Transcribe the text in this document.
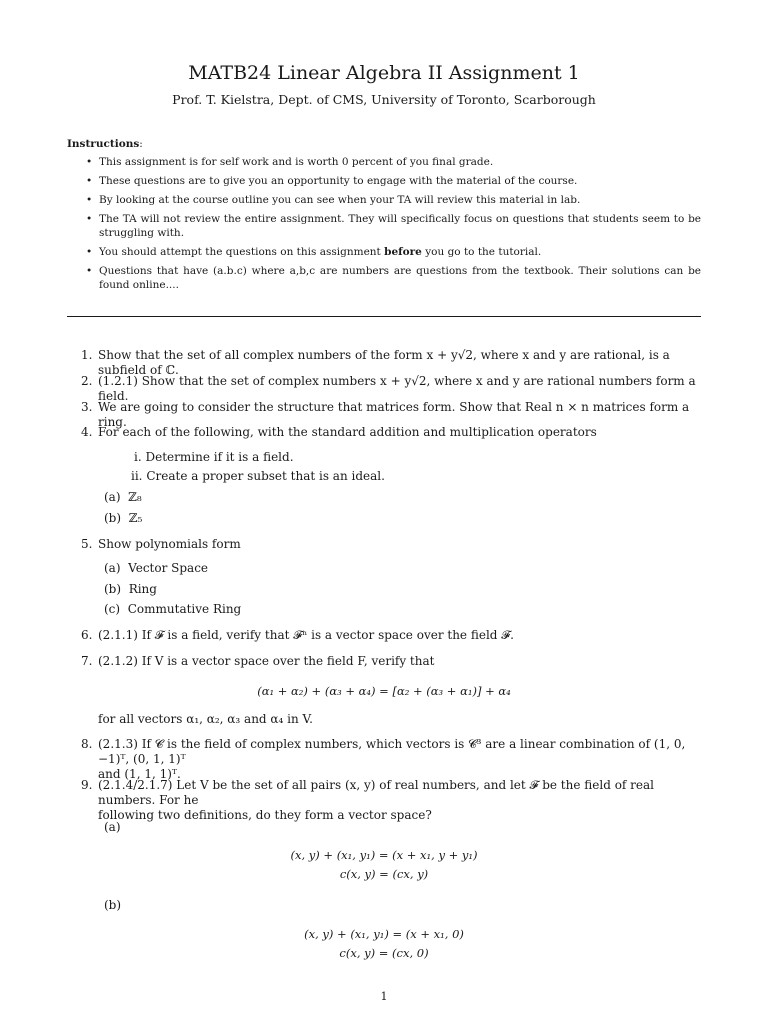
MATB24 Linear Algebra II Assignment 1
Prof. T. Kielstra, Dept. of CMS, University of Toronto, Scarborough
Instructions:
• This assignment is for self work and is worth 0 percent of you final grade.
• These questions are to give you an opportunity to engage with the material of the course.
• By looking at the course outline you can see when your TA will review this material in lab.
• The TA will not review the entire assignment. They will specifically focus on questions that students seem to be struggling with.
• You should attempt the questions on this assignment before you go to the tutorial.
• Questions that have (a.b.c) where a,b,c are numbers are questions from the textbook. Their solutions can be found online....
1. Show that the set of all complex numbers of the form x + y√2, where x and y are rational, is a subfield of ℂ.
2. (1.2.1) Show that the set of complex numbers x + y√2, where x and y are rational numbers form a field.
3. We are going to consider the structure that matrices form. Show that Real n × n matrices form a ring.
4. For each of the following, with the standard addition and multiplication operators
i. Determine if it is a field.
ii. Create a proper subset that is an ideal.
(a) ℤ₈
(b) ℤ₅
5. Show polynomials form
(a) Vector Space
(b) Ring
(c) Commutative Ring
6. (2.1.1) If 𝓕 is a field, verify that 𝓕ⁿ is a vector space over the field 𝓕.
7. (2.1.2) If V is a vector space over the field F, verify that
(α₁ + α₂) + (α₃ + α₄) = [α₂ + (α₃ + α₁)] + α₄
for all vectors α₁, α₂, α₃ and α₄ in V.
8. (2.1.3) If 𝓒 is the field of complex numbers, which vectors is 𝓒³ are a linear combination of (1, 0, −1)ᵀ, (0, 1, 1)ᵀ
and (1, 1, 1)ᵀ.
9. (2.1.4/2.1.7) Let V be the set of all pairs (x, y) of real numbers, and let 𝓕 be the field of real numbers. For he
following two definitions, do they form a vector space?
(a)
(x, y) + (x₁, y₁) = (x + x₁, y + y₁)
c(x, y) = (cx, y)
(b)
(x, y) + (x₁, y₁) = (x + x₁, 0)
c(x, y) = (cx, 0)
1
